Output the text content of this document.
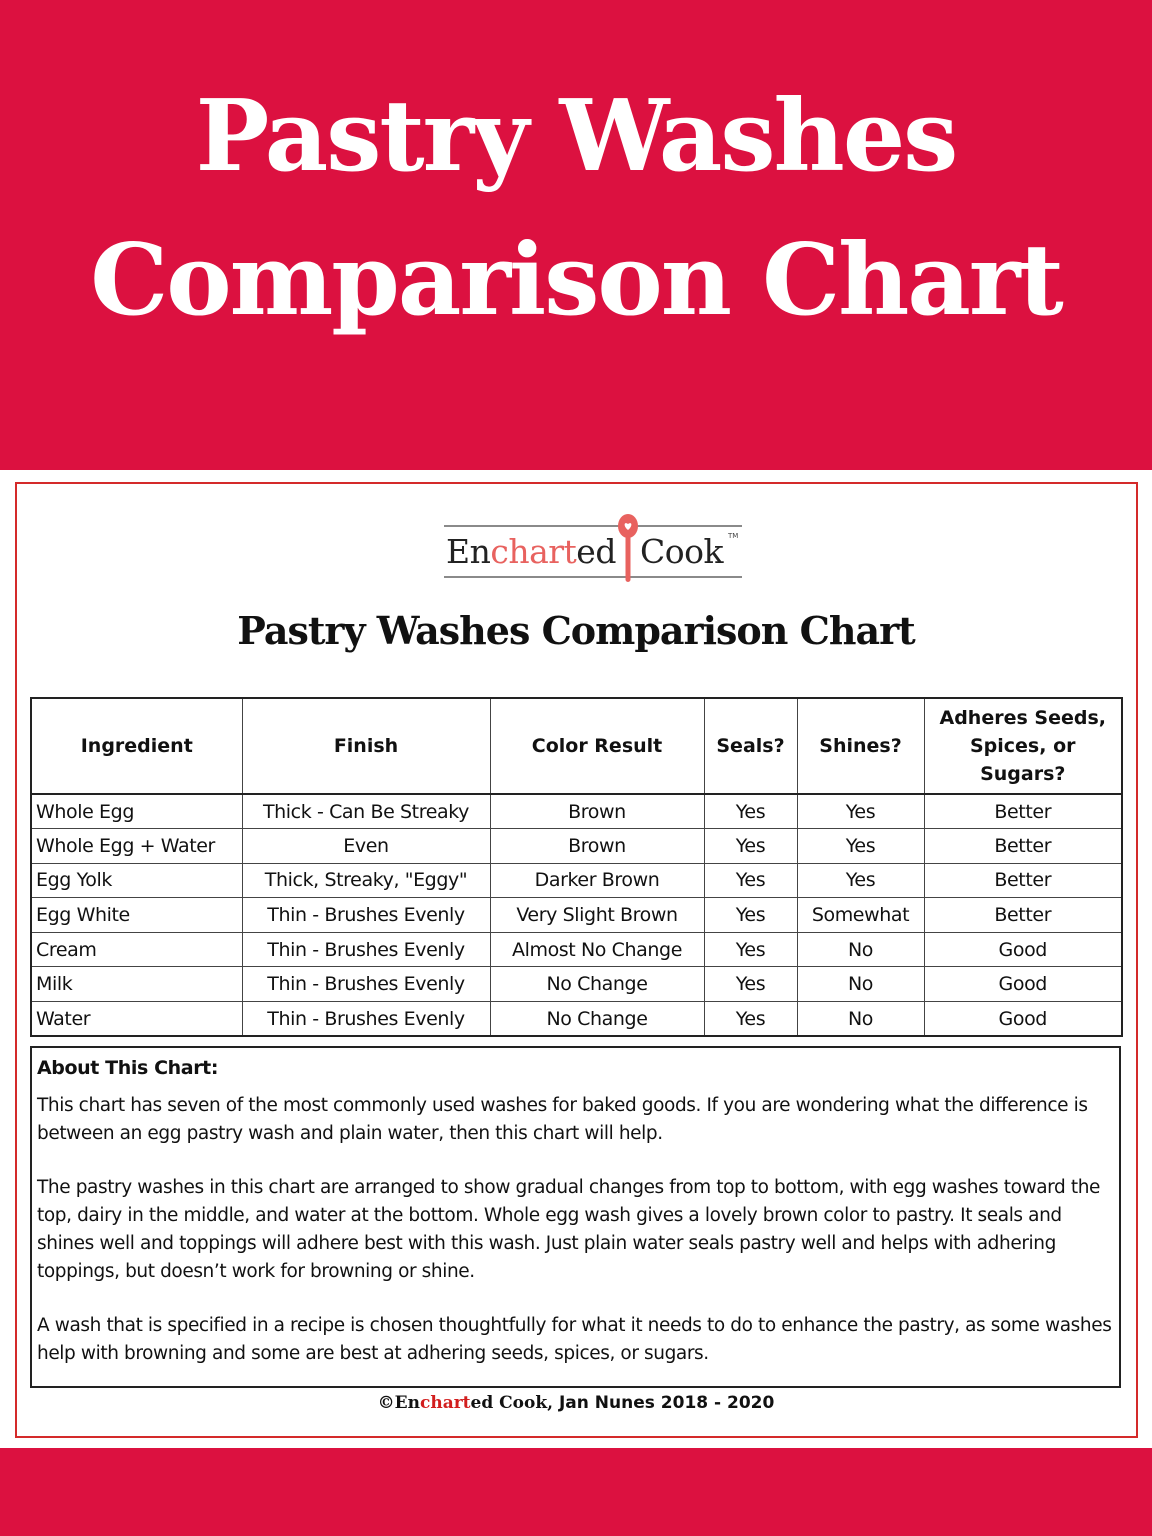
Pastry Washes
Comparison Chart
Encharted Cook TM
Pastry Washes Comparison Chart
Ingredient	Finish	Color Result	Seals?	Shines?	Adheres Seeds, Spices, or Sugars?
Whole Egg	Thick - Can Be Streaky	Brown	Yes	Yes	Better
Whole Egg + Water	Even	Brown	Yes	Yes	Better
Egg Yolk	Thick, Streaky, "Eggy"	Darker Brown	Yes	Yes	Better
Egg White	Thin - Brushes Evenly	Very Slight Brown	Yes	Somewhat	Better
Cream	Thin - Brushes Evenly	Almost No Change	Yes	No	Good
Milk	Thin - Brushes Evenly	No Change	Yes	No	Good
Water	Thin - Brushes Evenly	No Change	Yes	No	Good
About This Chart:

This chart has seven of the most commonly used washes for baked goods. If you are wondering what the difference is between an egg pastry wash and plain water, then this chart will help.

The pastry washes in this chart are arranged to show gradual changes from top to bottom, with egg washes toward the top, dairy in the middle, and water at the bottom. Whole egg wash gives a lovely brown color to pastry. It seals and shines well and toppings will adhere best with this wash. Just plain water seals pastry well and helps with adhering toppings, but doesn’t work for browning or shine.

A wash that is specified in a recipe is chosen thoughtfully for what it needs to do to enhance the pastry, as some washes help with browning and some are best at adhering seeds, spices, or sugars.

©Encharted Cook, Jan Nunes 2018 - 2020
